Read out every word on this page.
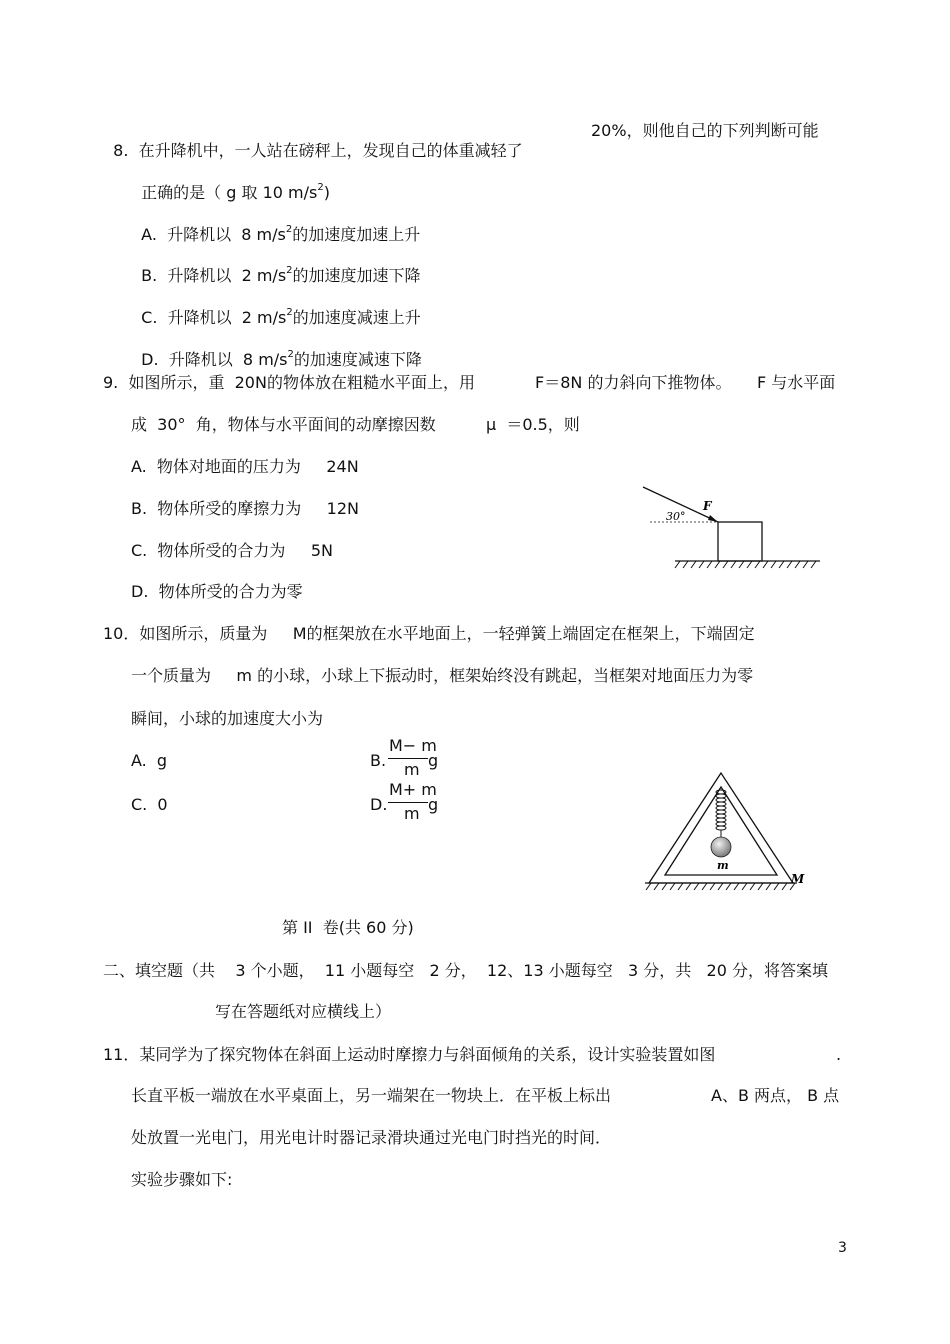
8.  在升降机中，一人站在磅秤上，发现自己的体重减轻了

20%，则他自己的下列判断可能

正确的是（ g 取 10 $m/s^2$)

A.  升降机以  8 $m/s^2$的加速度加速上升

B.  升降机以  2 $m/s^2$的加速度加速下降

C.  升降机以  2 $m/s^2$的加速度减速上升

D.  升降机以  8 $m/s^2$的加速度减速下降

9.  如图所示，重  20N的物体放在粗糙水平面上，用	F＝8N 的力斜向下推物体。 F 与水平面
成  30°  角，物体与水平面间的动摩擦因数	μ  ＝0.5，则
A.  物体对地面的压力为     24N
B.  物体所受的摩擦力为     12N
C.  物体所受的合力为     5N
D.  物体所受的合力为零
30°
F
10．如图所示，质量为     M的框架放在水平地面上，一轻弹簧上端固定在框架上，下端固定
一个质量为     m 的小球，小球上下振动时，框架始终没有跳起，当框架对地面压力为零
瞬间，小球的加速度大小为
A.  g	B.
M− m
m g
C.  0	D.
M+ m
m g
m
M
第 II  卷(共 60 分)
二、填空题（共    3 个小题，  11 小题每空   2 分，  12、13 小题每空   3 分，共   20 分，将答案填
写在答题纸对应横线上）
11．某同学为了探究物体在斜面上运动时摩擦力与斜面倾角的关系，设计实验装置如图	.
长直平板一端放在水平桌面上，另一端架在一物块上．在平板上标出	A、B 两点， B 点
处放置一光电门，用光电计时器记录滑块通过光电门时挡光的时间．
实验步骤如下:
3
